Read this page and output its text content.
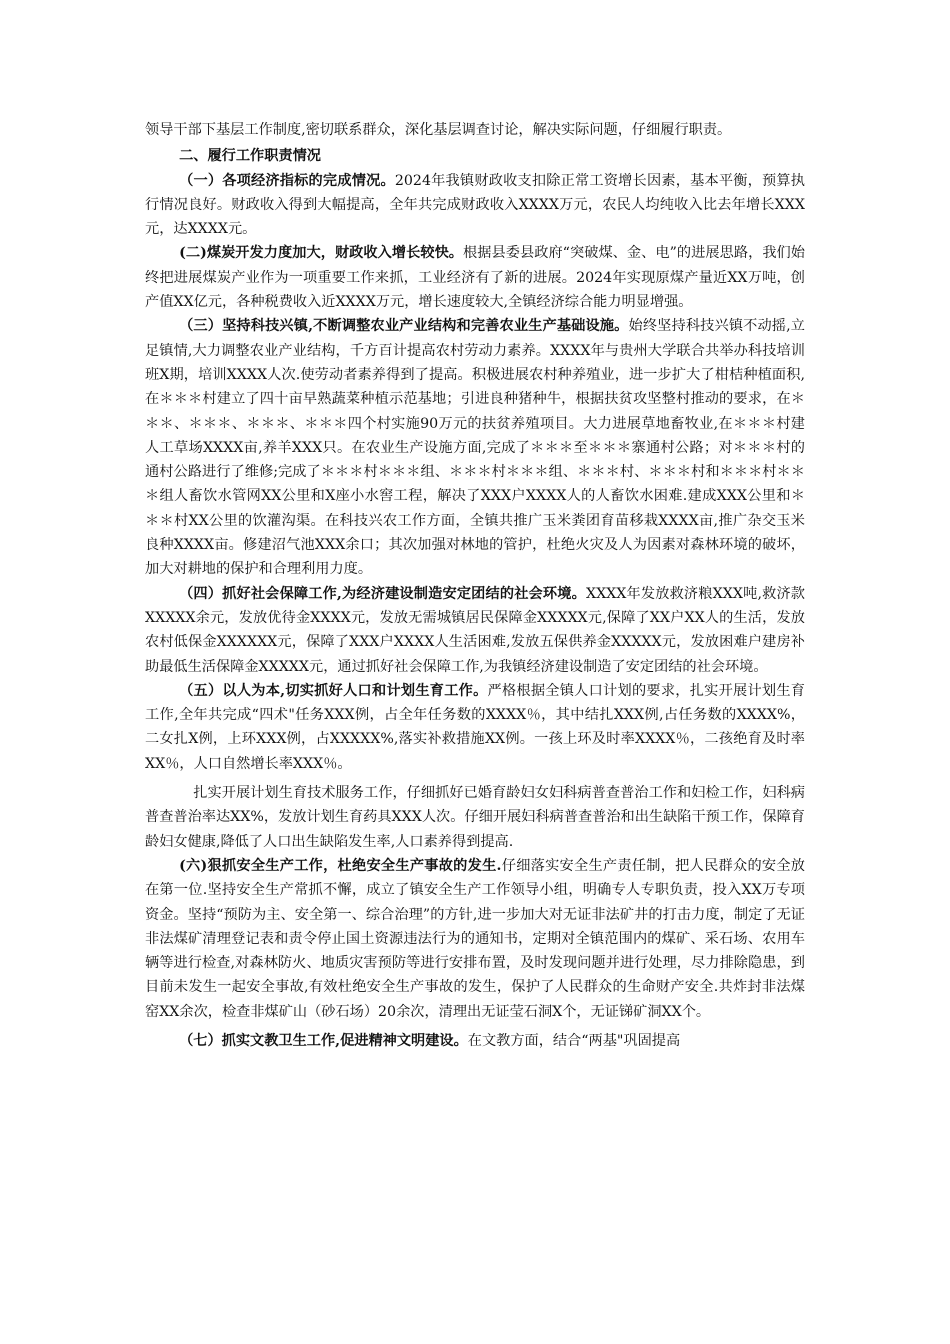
领导干部下基层工作制度,密切联系群众，深化基层调查讨论，解决实际问题，仔细履行职责。

二、履行工作职责情况

（一）各项经济指标的完成情况。2024年我镇财政收支扣除正常工资增长因素，基本平衡，预算执行情况良好。财政收入得到大幅提高，全年共完成财政收入XXXX万元，农民人均纯收入比去年增长XXX元，达XXXX元。

(二)煤炭开发力度加大，财政收入增长较快。根据县委县政府“突破煤、金、电”的进展思路，我们始终把进展煤炭产业作为一项重要工作来抓，工业经济有了新的进展。2024年实现原煤产量近XX万吨，创产值XX亿元，各种税费收入近XXXX万元，增长速度较大,全镇经济综合能力明显增强。

（三）坚持科技兴镇,不断调整农业产业结构和完善农业生产基础设施。始终坚持科技兴镇不动摇,立足镇情,大力调整农业产业结构，千方百计提高农村劳动力素养。XXXX年与贵州大学联合共举办科技培训班X期，培训XXXX人次.使劳动者素养得到了提高。积极进展农村种养殖业，进一步扩大了柑桔种植面积,在＊＊＊村建立了四十亩早熟蔬菜种植示范基地；引进良种猪种牛，根据扶贫攻坚整村推动的要求，在＊＊＊、＊＊＊、＊＊＊、＊＊＊四个村实施90万元的扶贫养殖项目。大力进展草地畜牧业,在＊＊＊村建人工草场XXXX亩,养羊XXX只。在农业生产设施方面,完成了＊＊＊至＊＊＊寨通村公路；对＊＊＊村的通村公路进行了维修;完成了＊＊＊村＊＊＊组、＊＊＊村＊＊＊组、＊＊＊村、＊＊＊村和＊＊＊村＊＊＊组人畜饮水管网XX公里和X座小水窖工程，解决了XXX户XXXX人的人畜饮水困难.建成XXX公里和＊＊＊村XX公里的饮灌沟渠。在科技兴农工作方面，全镇共推广玉米粪团育苗移栽XXXX亩,推广杂交玉米良种XXXX亩。修建沼气池XXX余口；其次加强对林地的管护，杜绝火灾及人为因素对森林环境的破坏，加大对耕地的保护和合理利用力度。

（四）抓好社会保障工作,为经济建设制造安定团结的社会环境。XXXX年发放救济粮XXX吨,救济款XXXXX余元，发放优待金XXXX元，发放无需城镇居民保障金XXXXX元,保障了XX户XX人的生活，发放农村低保金XXXXXX元，保障了XXX户XXXX人生活困难,发放五保供养金XXXXX元，发放困难户建房补助最低生活保障金XXXXX元，通过抓好社会保障工作,为我镇经济建设制造了安定团结的社会环境。

（五）以人为本,切实抓好人口和计划生育工作。严格根据全镇人口计划的要求，扎实开展计划生育工作,全年共完成“四术"任务XXX例，占全年任务数的XXXX％，其中结扎XXX例,占任务数的XXXX%，二女扎X例，上环XXX例，占XXXXX%,落实补救措施XX例。一孩上环及时率XXXX％，二孩绝育及时率XX％，人口自然增长率XXX％。

扎实开展计划生育技术服务工作，仔细抓好已婚育龄妇女妇科病普查普治工作和妇检工作，妇科病普查普治率达XX%，发放计划生育药具XXX人次。仔细开展妇科病普查普治和出生缺陷干预工作，保障育龄妇女健康,降低了人口出生缺陷发生率,人口素养得到提高.

(六)狠抓安全生产工作，杜绝安全生产事故的发生.仔细落实安全生产责任制，把人民群众的安全放在第一位.坚持安全生产常抓不懈，成立了镇安全生产工作领导小组，明确专人专职负责，投入XX万专项资金。坚持“预防为主、安全第一、综合治理”的方针,进一步加大对无证非法矿井的打击力度，制定了无证非法煤矿清理登记表和责令停止国土资源违法行为的通知书，定期对全镇范围内的煤矿、采石场、农用车辆等进行检查,对森林防火、地质灾害预防等进行安排布置，及时发现问题并进行处理，尽力排除隐患，到目前未发生一起安全事故,有效杜绝安全生产事故的发生，保护了人民群众的生命财产安全.共炸封非法煤窑XX余次，检查非煤矿山（砂石场）20余次，清理出无证莹石洞X个，无证锑矿洞XX个。

（七）抓实文教卫生工作,促进精神文明建设。在文教方面，结合“两基"巩固提高
